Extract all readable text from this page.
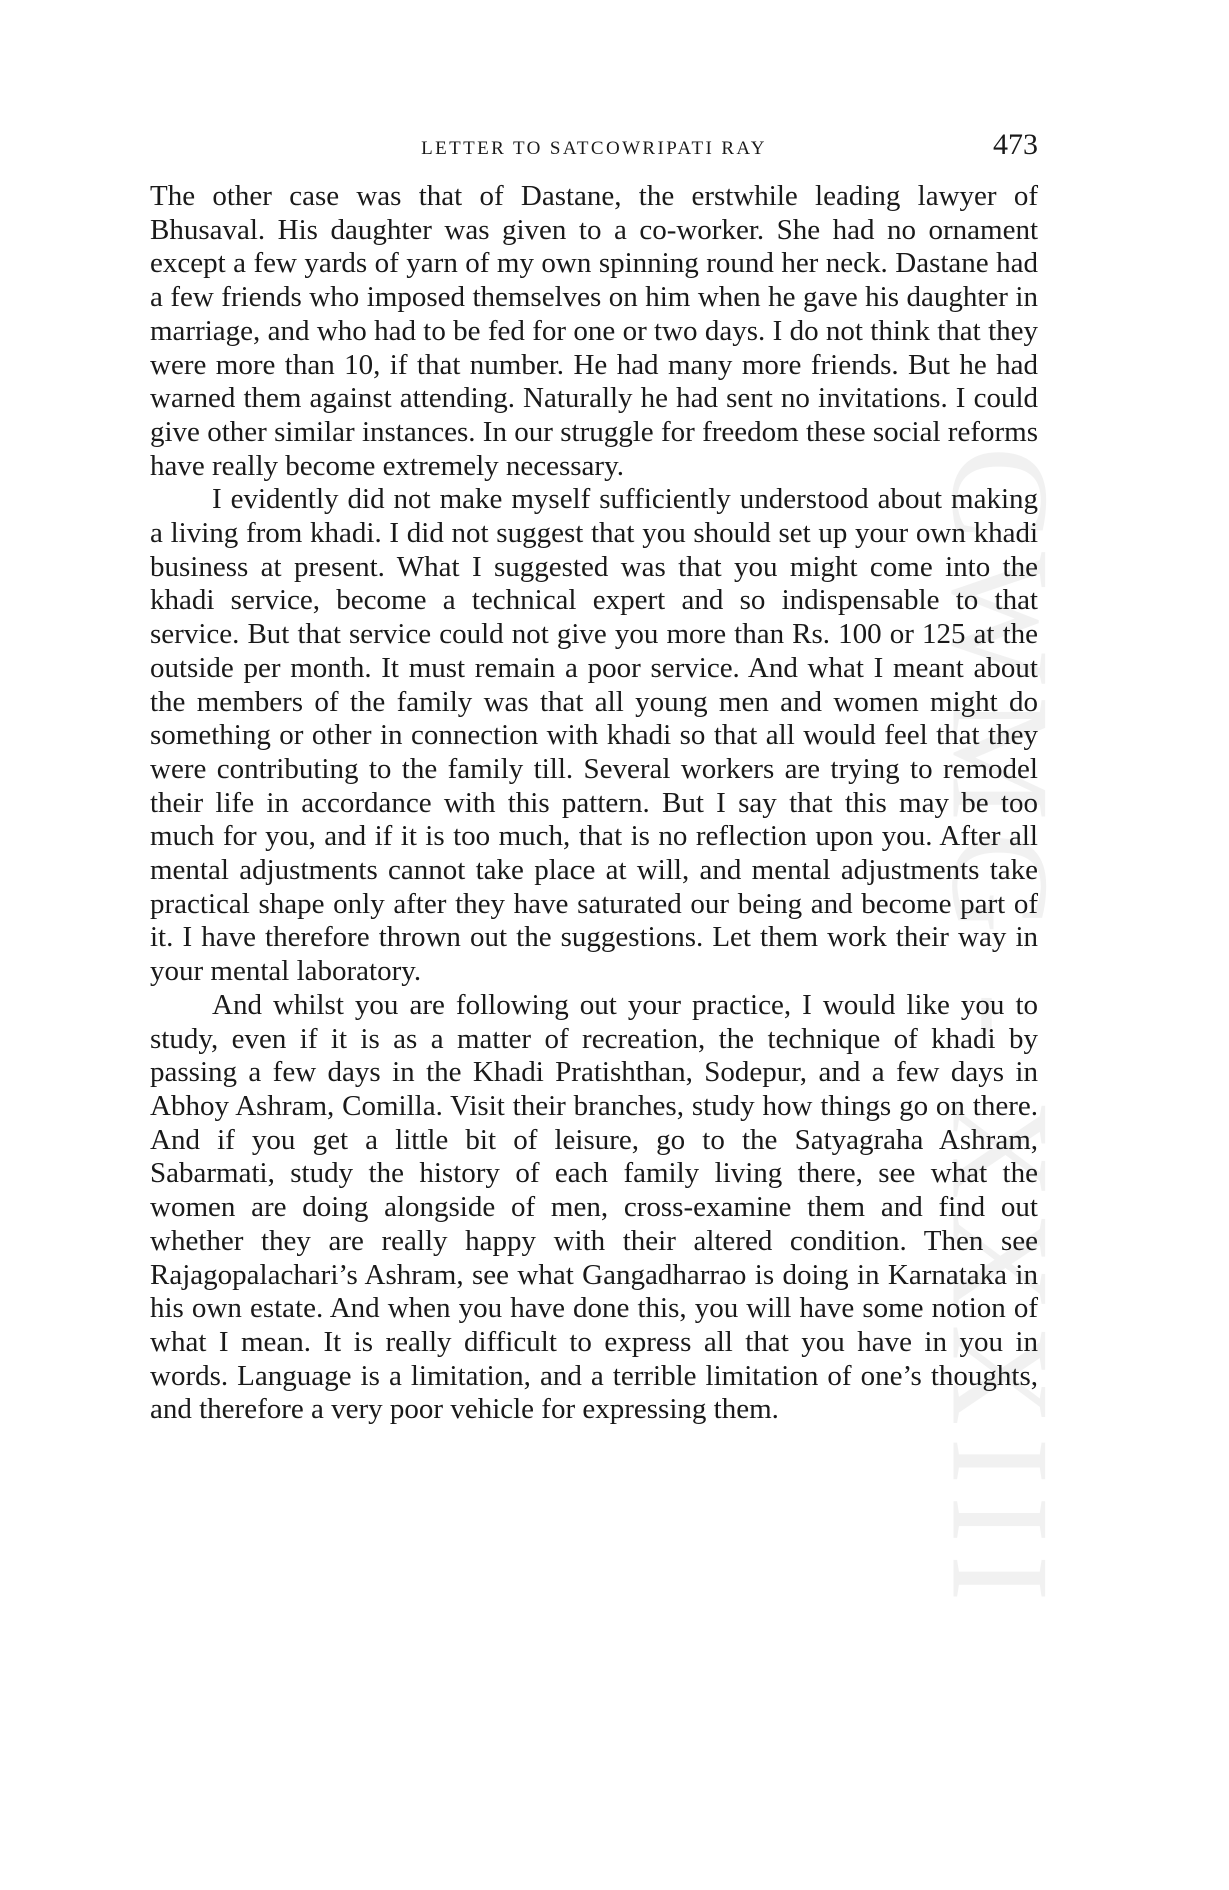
CWMG - XXXIII
LETTER TO SATCOWRIPATI RAY	473

The other case was that of Dastane, the erstwhile leading lawyer of Bhusaval. His daughter was given to a co-worker. She had no ornament except a few yards of yarn of my own spinning round her neck. Dastane had a few friends who imposed themselves on him when he gave his daughter in marriage, and who had to be fed for one or two days. I do not think that they were more than 10, if that number. He had many more friends. But he had warned them against attending. Naturally he had sent no invitations. I could give other similar instances. In our struggle for freedom these social reforms have really become extremely necessary.

I evidently did not make myself sufficiently understood about making a living from khadi. I did not suggest that you should set up your own khadi business at present. What I suggested was that you might come into the khadi service, become a technical expert and so indispensable to that service. But that service could not give you more than Rs. 100 or 125 at the outside per month. It must remain a poor service. And what I meant about the members of the family was that all young men and women might do something or other in connection with khadi so that all would feel that they were contributing to the family till. Several workers are trying to remodel their life in accordance with this pattern. But I say that this may be too much for you, and if it is too much, that is no reflection upon you. After all mental adjustments cannot take place at will, and mental adjustments take practical shape only after they have saturated our being and become part of it. I have therefore thrown out the suggestions. Let them work their way in your mental laboratory.

And whilst you are following out your practice, I would like you to study, even if it is as a matter of recreation, the technique of khadi by passing a few days in the Khadi Pratishthan, Sodepur, and a few days in Abhoy Ashram, Comilla. Visit their branches, study how things go on there. And if you get a little bit of leisure, go to the Satyagraha Ashram, Sabarmati, study the history of each family living there, see what the women are doing alongside of men, cross-examine them and find out whether they are really happy with their altered condition. Then see Rajagopalachari’s Ashram, see what Gangadharrao is doing in Karnataka in his own estate. And when you have done this, you will have some notion of what I mean. It is really difficult to express all that you have in you in words. Language is a limitation, and a terrible limitation of one’s thoughts, and therefore a very poor vehicle for expressing them.
